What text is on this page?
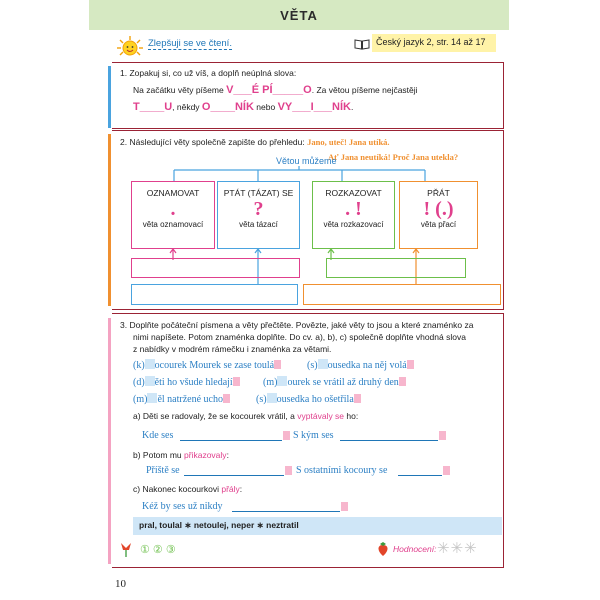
VĚTA
Zlepšuji se ve čtení.	Český jazyk 2, str. 14 až 17
1. Zopakuj si, co už víš, a doplň neúplná slova:
Na začátku věty píšeme V___É PÍ_____O. Za větou píšeme nejčastěji
T____U, někdy O____NÍK nebo VY___I___NÍK.
2. Následující věty společně zapište do přehledu: Jano, uteč! Jana utíká.
Ať Jana neutíká! Proč Jana utekla?
Větou můžeme
OZNAMOVAT
.
věta oznamovací
PTÁT (TÁZAT) SE
?
věta tázací
ROZKAZOVAT
. !
věta rozkazovací
PŘÁT
! (.)
věta přací
3. Doplňte počáteční písmena a věty přečtěte. Povězte, jaké věty to jsou a které znaménko za
nimi napíšete. Potom znaménka doplňte. Do cv. a), b), c) společně doplňte vhodná slova
z nabídky v modrém rámečku i znaménka za větami.
(k) ocourek Mourek se zase toulá	(s) ousedka na něj volá
(d) ěti ho všude hledají	(m) ourek se vrátil až druhý den
(m) ěl natržené ucho	(s) ousedka ho ošetřila
a) Děti se radovaly, že se kocourek vrátil, a vyptávaly se ho:
Kde ses	S kým ses
b) Potom mu přikazovaly:
Příště se	S ostatními kocoury se
c) Nakonec kocourkovi přály:
Kéž by ses už nikdy
pral, toulal ∗ netoulej, neper ∗ neztratil
① ② ③	Hodnocení: ✳✳✳
10
